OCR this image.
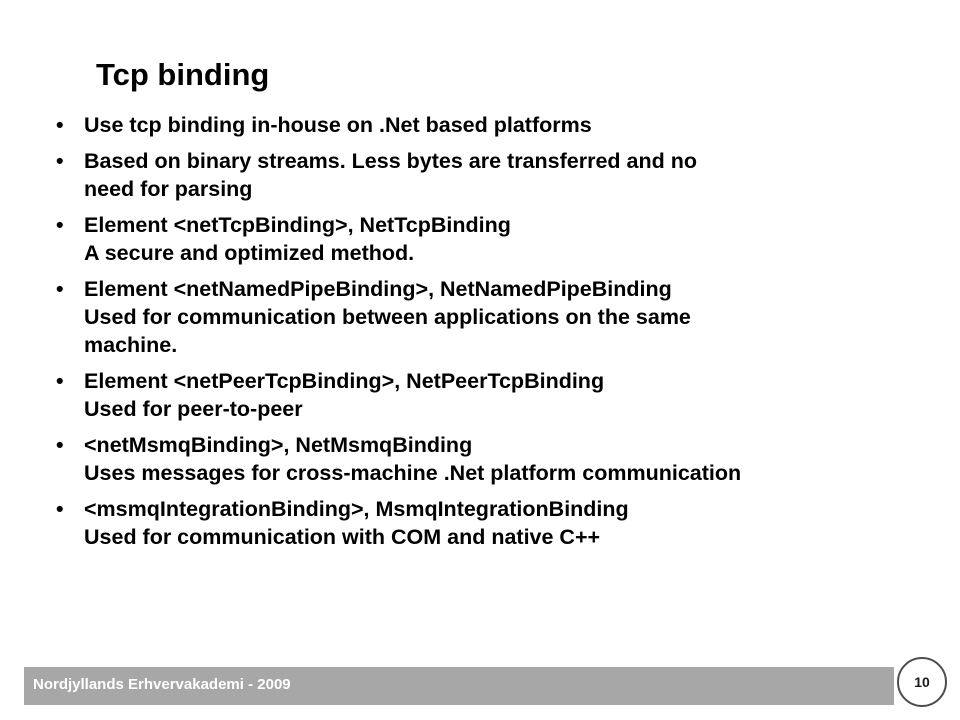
Tcp binding
• Use tcp binding in-house on .Net based platforms
• Based on binary streams. Less bytes are transferred and no
need for parsing
• Element <netTcpBinding>, NetTcpBinding
A secure and optimized method.
• Element <netNamedPipeBinding>, NetNamedPipeBinding
Used for communication between applications on the same
machine.
• Element <netPeerTcpBinding>, NetPeerTcpBinding
Used for peer-to-peer
• <netMsmqBinding>, NetMsmqBinding
Uses messages for cross-machine .Net platform communication
• <msmqIntegrationBinding>, MsmqIntegrationBinding
Used for communication with COM and native C++
Nordjyllands Erhvervakademi - 2009	10
